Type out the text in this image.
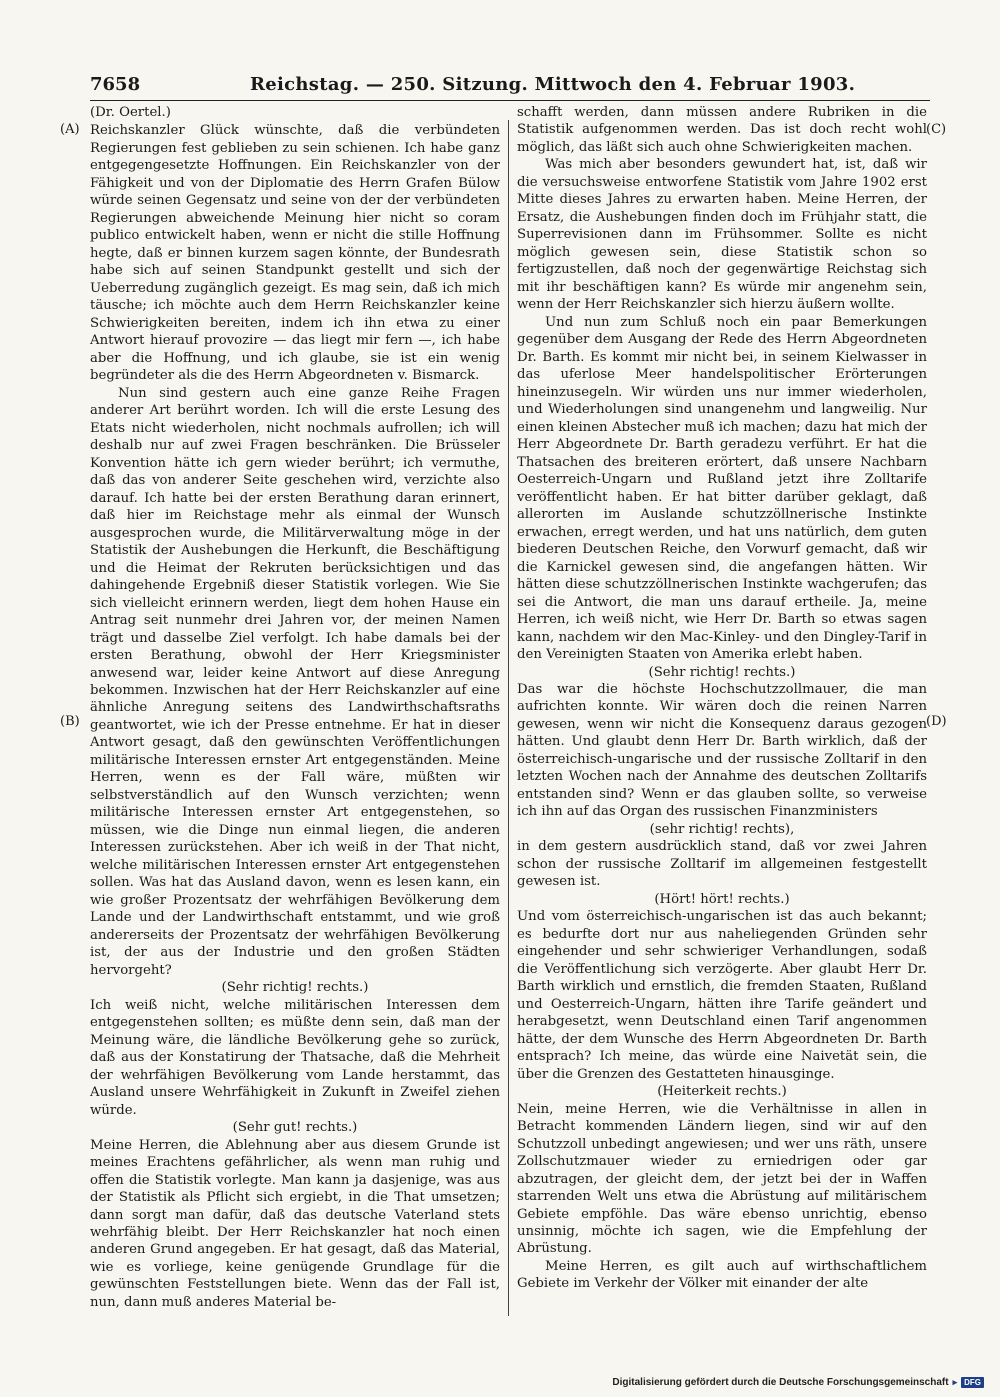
7658	Reichstag. — 250. Sitzung. Mittwoch den 4. Februar 1903.
(A)
(B)
(C)
(D)

(Dr. Oertel.)

Reichskanzler Glück wünschte, daß die verbündeten Regierungen fest geblieben zu sein schienen. Ich habe ganz entgegengesetzte Hoffnungen. Ein Reichskanzler von der Fähigkeit und von der Diplomatie des Herrn Grafen Bülow würde seinen Gegensatz und seine von der der verbündeten Regierungen abweichende Meinung hier nicht so coram publico entwickelt haben, wenn er nicht die stille Hoffnung hegte, daß er binnen kurzem sagen könnte, der Bundesrath habe sich auf seinen Standpunkt gestellt und sich der Ueberredung zugänglich gezeigt. Es mag sein, daß ich mich täusche; ich möchte auch dem Herrn Reichskanzler keine Schwierigkeiten bereiten, indem ich ihn etwa zu einer Antwort hierauf provozire — das liegt mir fern —, ich habe aber die Hoffnung, und ich glaube, sie ist ein wenig begründeter als die des Herrn Abgeordneten v. Bismarck.

Nun sind gestern auch eine ganze Reihe Fragen anderer Art berührt worden. Ich will die erste Lesung des Etats nicht wiederholen, nicht nochmals aufrollen; ich will deshalb nur auf zwei Fragen beschränken. Die Brüsseler Konvention hätte ich gern wieder berührt; ich vermuthe, daß das von anderer Seite geschehen wird, verzichte also darauf. Ich hatte bei der ersten Berathung daran erinnert, daß hier im Reichstage mehr als einmal der Wunsch ausgesprochen wurde, die Militärverwaltung möge in der Statistik der Aushebungen die Herkunft, die Beschäftigung und die Heimat der Rekruten berücksichtigen und das dahingehende Ergebniß dieser Statistik vorlegen. Wie Sie sich vielleicht erinnern werden, liegt dem hohen Hause ein Antrag seit nunmehr drei Jahren vor, der meinen Namen trägt und dasselbe Ziel verfolgt. Ich habe damals bei der ersten Berathung, obwohl der Herr Kriegsminister anwesend war, leider keine Antwort auf diese Anregung bekommen. Inzwischen hat der Herr Reichskanzler auf eine ähnliche Anregung seitens des Landwirthschaftsraths geantwortet, wie ich der Presse entnehme. Er hat in dieser Antwort gesagt, daß den gewünschten Veröffentlichungen militärische Interessen ernster Art entgegenständen. Meine Herren, wenn es der Fall wäre, müßten wir selbstverständlich auf den Wunsch verzichten; wenn militärische Interessen ernster Art entgegenstehen, so müssen, wie die Dinge nun einmal liegen, die anderen Interessen zurückstehen. Aber ich weiß in der That nicht, welche militärischen Interessen ernster Art entgegenstehen sollen. Was hat das Ausland davon, wenn es lesen kann, ein wie großer Prozentsatz der wehrfähigen Bevölkerung dem Lande und der Landwirthschaft entstammt, und wie groß andererseits der Prozentsatz der wehrfähigen Bevölkerung ist, der aus der Industrie und den großen Städten hervorgeht?

(Sehr richtig! rechts.)

Ich weiß nicht, welche militärischen Interessen dem entgegenstehen sollten; es müßte denn sein, daß man der Meinung wäre, die ländliche Bevölkerung gehe so zurück, daß aus der Konstatirung der Thatsache, daß die Mehrheit der wehrfähigen Bevölkerung vom Lande herstammt, das Ausland unsere Wehrfähigkeit in Zukunft in Zweifel ziehen würde.

(Sehr gut! rechts.)

Meine Herren, die Ablehnung aber aus diesem Grunde ist meines Erachtens gefährlicher, als wenn man ruhig und offen die Statistik vorlegte. Man kann ja dasjenige, was aus der Statistik als Pflicht sich ergiebt, in die That umsetzen; dann sorgt man dafür, daß das deutsche Vaterland stets wehrfähig bleibt. Der Herr Reichskanzler hat noch einen anderen Grund angegeben. Er hat gesagt, daß das Material, wie es vorliege, keine genügende Grundlage für die gewünschten Feststellungen biete. Wenn das der Fall ist, nun, dann muß anderes Material be-

schafft werden, dann müssen andere Rubriken in die Statistik aufgenommen werden. Das ist doch recht wohl möglich, das läßt sich auch ohne Schwierigkeiten machen.

Was mich aber besonders gewundert hat, ist, daß wir die versuchsweise entworfene Statistik vom Jahre 1902 erst Mitte dieses Jahres zu erwarten haben. Meine Herren, der Ersatz, die Aushebungen finden doch im Frühjahr statt, die Superrevisionen dann im Frühsommer. Sollte es nicht möglich gewesen sein, diese Statistik schon so fertigzustellen, daß noch der gegenwärtige Reichstag sich mit ihr beschäftigen kann? Es würde mir angenehm sein, wenn der Herr Reichskanzler sich hierzu äußern wollte.

Und nun zum Schluß noch ein paar Bemerkungen gegenüber dem Ausgang der Rede des Herrn Abgeordneten Dr. Barth. Es kommt mir nicht bei, in seinem Kielwasser in das uferlose Meer handelspolitischer Erörterungen hineinzusegeln. Wir würden uns nur immer wiederholen, und Wiederholungen sind unangenehm und langweilig. Nur einen kleinen Abstecher muß ich machen; dazu hat mich der Herr Abgeordnete Dr. Barth geradezu verführt. Er hat die Thatsachen des breiteren erörtert, daß unsere Nachbarn Oesterreich-Ungarn und Rußland jetzt ihre Zolltarife veröffentlicht haben. Er hat bitter darüber geklagt, daß allerorten im Auslande schutzzöllnerische Instinkte erwachen, erregt werden, und hat uns natürlich, dem guten biederen Deutschen Reiche, den Vorwurf gemacht, daß wir die Karnickel gewesen sind, die angefangen hätten. Wir hätten diese schutzzöllnerischen Instinkte wachgerufen; das sei die Antwort, die man uns darauf ertheile. Ja, meine Herren, ich weiß nicht, wie Herr Dr. Barth so etwas sagen kann, nachdem wir den Mac-Kinley- und den Dingley-Tarif in den Vereinigten Staaten von Amerika erlebt haben.

(Sehr richtig! rechts.)

Das war die höchste Hochschutzzollmauer, die man aufrichten konnte. Wir wären doch die reinen Narren gewesen, wenn wir nicht die Konsequenz daraus gezogen hätten. Und glaubt denn Herr Dr. Barth wirklich, daß der österreichisch-ungarische und der russische Zolltarif in den letzten Wochen nach der Annahme des deutschen Zolltarifs entstanden sind? Wenn er das glauben sollte, so verweise ich ihn auf das Organ des russischen Finanzministers

(sehr richtig! rechts),

in dem gestern ausdrücklich stand, daß vor zwei Jahren schon der russische Zolltarif im allgemeinen festgestellt gewesen ist.

(Hört! hört! rechts.)

Und vom österreichisch-ungarischen ist das auch bekannt; es bedurfte dort nur aus naheliegenden Gründen sehr eingehender und sehr schwieriger Verhandlungen, sodaß die Veröffentlichung sich verzögerte. Aber glaubt Herr Dr. Barth wirklich und ernstlich, die fremden Staaten, Rußland und Oesterreich-Ungarn, hätten ihre Tarife geändert und herabgesetzt, wenn Deutschland einen Tarif angenommen hätte, der dem Wunsche des Herrn Abgeordneten Dr. Barth entsprach? Ich meine, das würde eine Naivetät sein, die über die Grenzen des Gestatteten hinausginge.

(Heiterkeit rechts.)

Nein, meine Herren, wie die Verhältnisse in allen in Betracht kommenden Ländern liegen, sind wir auf den Schutzzoll unbedingt angewiesen; und wer uns räth, unsere Zollschutzmauer wieder zu erniedrigen oder gar abzutragen, der gleicht dem, der jetzt bei der in Waffen starrenden Welt uns etwa die Abrüstung auf militärischem Gebiete empföhle. Das wäre ebenso unrichtig, ebenso unsinnig, möchte ich sagen, wie die Empfehlung der Abrüstung.

Meine Herren, es gilt auch auf wirthschaftlichem Gebiete im Verkehr der Völker mit einander der alte

Digitalisierung gefördert durch die Deutsche Forschungsgemeinschaft ▸ DFG
